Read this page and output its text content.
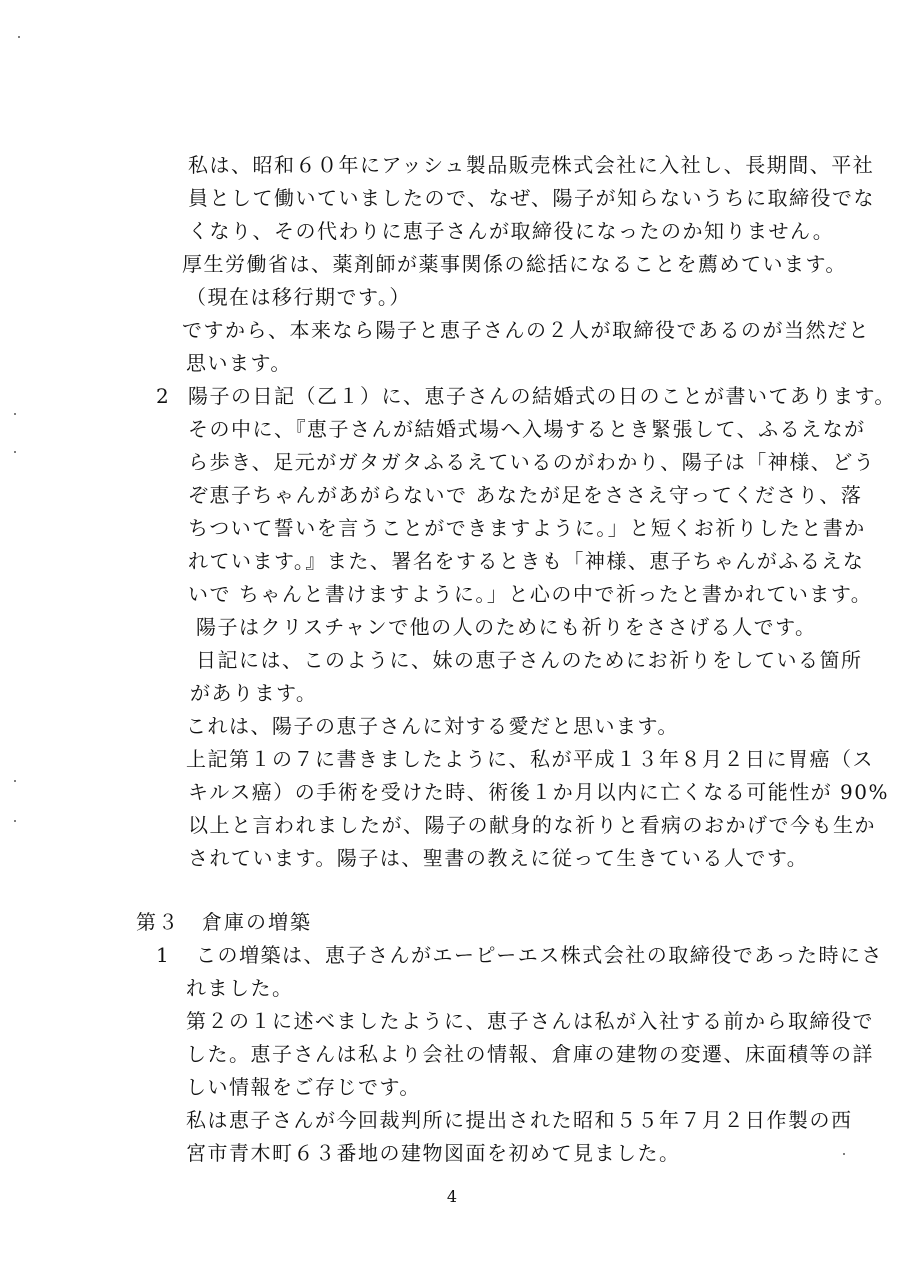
私は、昭和６０年にアッシュ製品販売株式会社に入社し、長期間、平社
員として働いていましたので、なぜ、陽子が知らないうちに取締役でな
くなり、その代わりに恵子さんが取締役になったのか知りません。
厚生労働省は、薬剤師が薬事関係の総括になることを薦めています。
（現在は移行期です。）
ですから、本来なら陽子と恵子さんの２人が取締役であるのが当然だと
思います。
2 陽子の日記（乙１）に、恵子さんの結婚式の日のことが書いてあります。
その中に、『恵子さんが結婚式場へ入場するとき緊張して、ふるえなが
ら歩き、足元がガタガタふるえているのがわかり、陽子は「神様、どう
ぞ恵子ちゃんがあがらないで あなたが足をささえ守ってくださり、落
ちついて誓いを言うことができますように。」と短くお祈りしたと書か
れています。』また、署名をするときも「神様、恵子ちゃんがふるえな
いで ちゃんと書けますように。」と心の中で祈ったと書かれています。
陽子はクリスチャンで他の人のためにも祈りをささげる人です。
日記には、このように、妹の恵子さんのためにお祈りをしている箇所
があります。
これは、陽子の恵子さんに対する愛だと思います。
上記第１の７に書きましたように、私が平成１３年８月２日に胃癌（ス
キルス癌）の手術を受けた時、術後１か月以内に亡くなる可能性が 90%
以上と言われましたが、陽子の献身的な祈りと看病のおかげで今も生か
されています。陽子は、聖書の教えに従って生きている人です。
第３　倉庫の増築
1 この増築は、恵子さんがエーピーエス株式会社の取締役であった時にさ
れました。
第２の１に述べましたように、恵子さんは私が入社する前から取締役で
した。恵子さんは私より会社の情報、倉庫の建物の変遷、床面積等の詳
しい情報をご存じです。
私は恵子さんが今回裁判所に提出された昭和５５年７月２日作製の西
宮市青木町６３番地の建物図面を初めて見ました。
4
